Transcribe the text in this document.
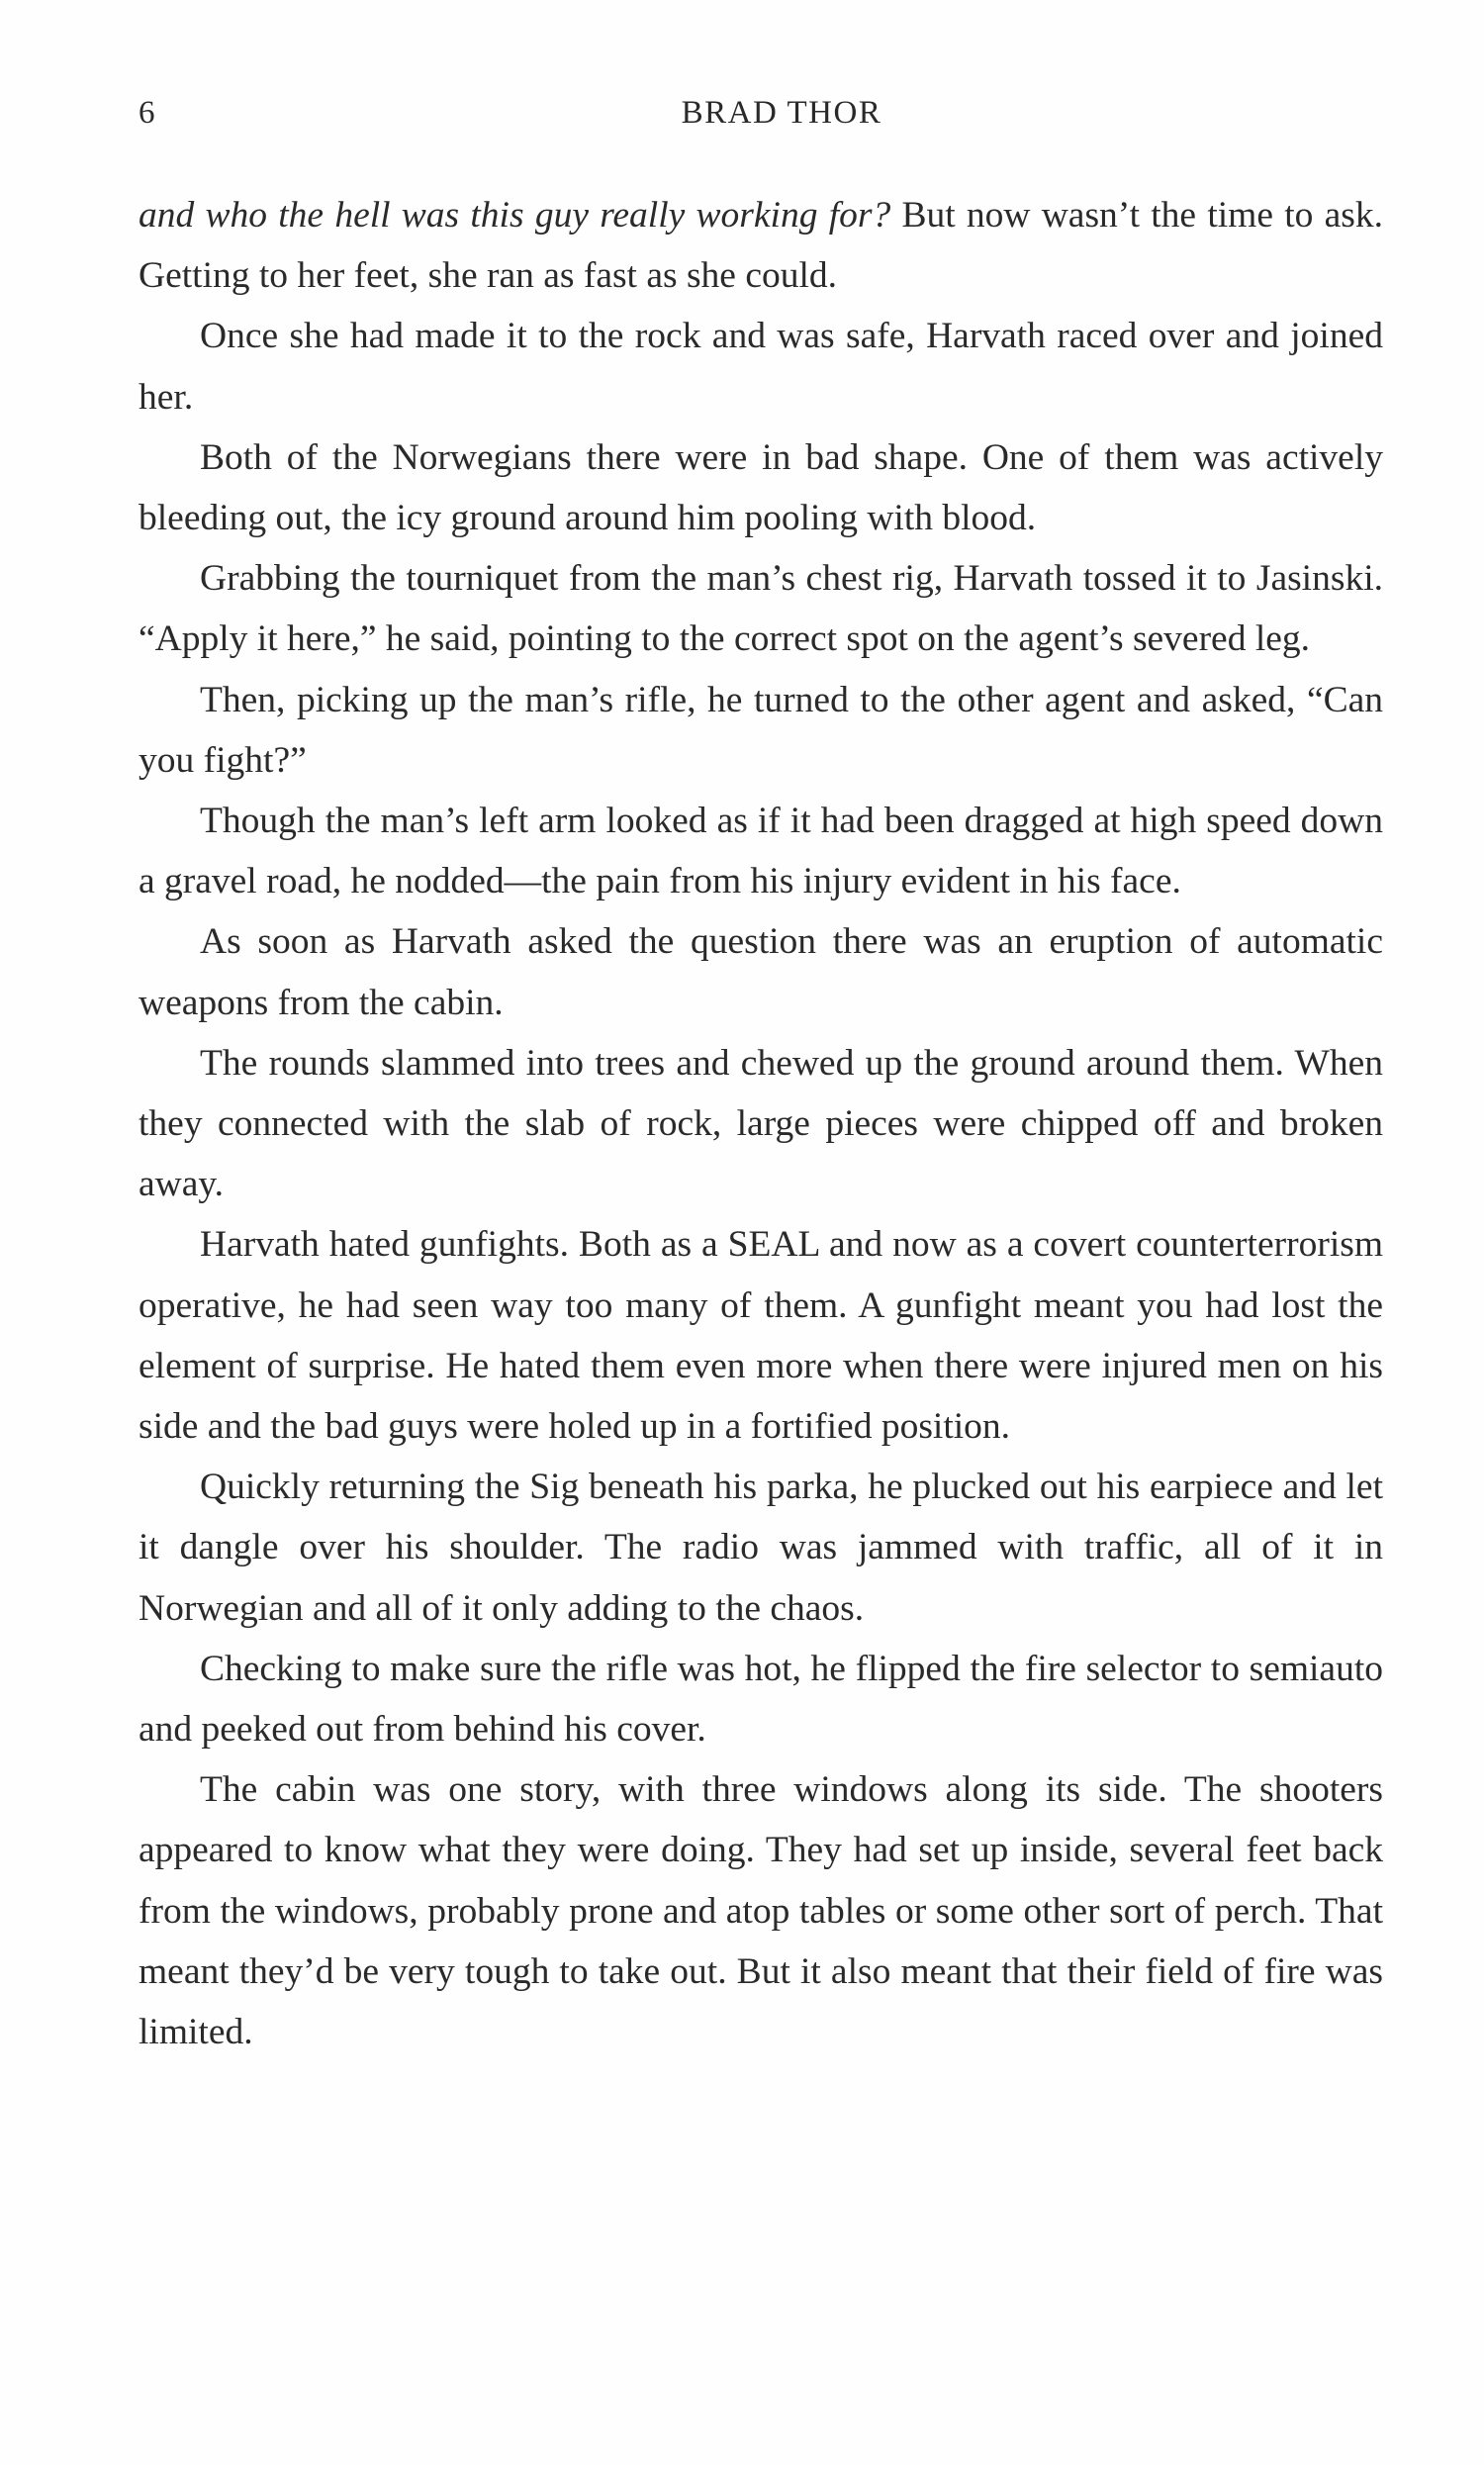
6	BRAD THOR

and who the hell was this guy really working for? But now wasn’t the time to ask. Getting to her feet, she ran as fast as she could.

Once she had made it to the rock and was safe, Harvath raced over and joined her.

Both of the Norwegians there were in bad shape. One of them was actively bleeding out, the icy ground around him pooling with blood.

Grabbing the tourniquet from the man’s chest rig, Harvath tossed it to Jasinski. “Apply it here,” he said, pointing to the correct spot on the agent’s severed leg.

Then, picking up the man’s rifle, he turned to the other agent and asked, “Can you fight?”

Though the man’s left arm looked as if it had been dragged at high speed down a gravel road, he nodded—the pain from his injury evident in his face.

As soon as Harvath asked the question there was an eruption of automatic weapons from the cabin.

The rounds slammed into trees and chewed up the ground around them. When they connected with the slab of rock, large pieces were chipped off and broken away.

Harvath hated gunfights. Both as a SEAL and now as a covert counterterrorism operative, he had seen way too many of them. A gunfight meant you had lost the element of surprise. He hated them even more when there were injured men on his side and the bad guys were holed up in a fortified position.

Quickly returning the Sig beneath his parka, he plucked out his earpiece and let it dangle over his shoulder. The radio was jammed with traffic, all of it in Norwegian and all of it only adding to the chaos.

Checking to make sure the rifle was hot, he flipped the fire selector to semiauto and peeked out from behind his cover.

The cabin was one story, with three windows along its side. The shooters appeared to know what they were doing. They had set up inside, several feet back from the windows, probably prone and atop tables or some other sort of perch. That meant they’d be very tough to take out. But it also meant that their field of fire was limited.
